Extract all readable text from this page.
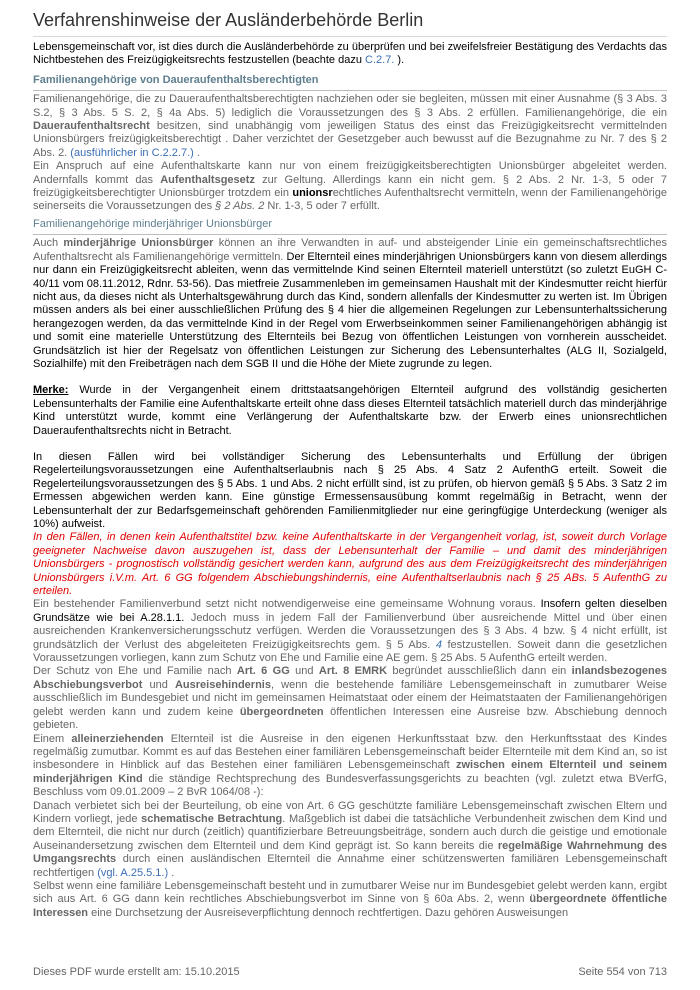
Verfahrenshinweise der Ausländerbehörde Berlin

Lebensgemeinschaft vor, ist dies durch die Ausländerbehörde zu überprüfen und bei zweifelsfreier Bestätigung des Verdachts das Nichtbestehen des Freizügigkeitsrechts festzustellen (beachte dazu C.2.7. ).

Familienangehörige von Daueraufenthaltsberechtigten

Familienangehörige, die zu Daueraufenthaltsberechtigten nachziehen oder sie begleiten, müssen mit einer Ausnahme (§ 3 Abs. 3 S.2, § 3 Abs. 5 S. 2, § 4a Abs. 5) lediglich die Voraussetzungen des § 3 Abs. 2 erfüllen. Familienangehörige, die ein Daueraufenthaltsrecht besitzen, sind unabhängig vom jeweiligen Status des einst das Freizügigkeitsrecht vermittelnden Unionsbürgers freizügigkeitsberechtigt . Daher verzichtet der Gesetzgeber auch bewusst auf die Bezugnahme zu Nr. 7 des § 2 Abs. 2. (ausführlicher in C.2.2.7.) .

Ein Anspruch auf eine Aufenthaltskarte kann nur von einem freizügigkeitsberechtigten Unionsbürger abgeleitet werden. Andernfalls kommt das Aufenthaltsgesetz zur Geltung. Allerdings kann ein nicht gem. § 2 Abs. 2 Nr. 1-3, 5 oder 7 freizügigkeitsberechtigter Unionsbürger trotzdem ein unionsrechtliches Aufenthaltsrecht vermitteln, wenn der Familienangehörige seinerseits die Voraussetzungen des § 2 Abs. 2 Nr. 1-3, 5 oder 7 erfüllt.

Familienangehörige minderjähriger Unionsbürger

Auch minderjährige Unionsbürger können an ihre Verwandten in auf- und absteigender Linie ein gemeinschaftsrechtliches Aufenthaltsrecht als Familienangehörige vermitteln. Der Elternteil eines minderjährigen Unionsbürgers kann von diesem allerdings nur dann ein Freizügigkeitsrecht ableiten, wenn das vermittelnde Kind seinen Elternteil materiell unterstützt (so zuletzt EuGH C-40/11 vom 08.11.2012, Rdnr. 53-56). Das mietfreie Zusammenleben im gemeinsamen Haushalt mit der Kindesmutter reicht hierfür nicht aus, da dieses nicht als Unterhaltsgewährung durch das Kind, sondern allenfalls der Kindesmutter zu werten ist. Im Übrigen müssen anders als bei einer ausschließlichen Prüfung des § 4 hier die allgemeinen Regelungen zur Lebensunterhaltssicherung herangezogen werden, da das vermittelnde Kind in der Regel vom Erwerbseinkommen seiner Familienangehörigen abhängig ist und somit eine materielle Unterstützung des Elternteils bei Bezug von öffentlichen Leistungen von vornherein ausscheidet. Grundsätzlich ist hier der Regelsatz von öffentlichen Leistungen zur Sicherung des Lebensunterhaltes (ALG II, Sozialgeld, Sozialhilfe) mit den Freibeträgen nach dem SGB II und die Höhe der Miete zugrunde zu legen.

Merke: Wurde in der Vergangenheit einem drittstaatsangehörigen Elternteil aufgrund des vollständig gesicherten Lebensunterhalts der Familie eine Aufenthaltskarte erteilt ohne dass dieses Elternteil tatsächlich materiell durch das minderjährige Kind unterstützt wurde, kommt eine Verlängerung der Aufenthaltskarte bzw. der Erwerb eines unionsrechtlichen Daueraufenthaltsrechts nicht in Betracht.

In diesen Fällen wird bei vollständiger Sicherung des Lebensunterhalts und Erfüllung der übrigen Regelerteilungsvoraussetzungen eine Aufenthaltserlaubnis nach § 25 Abs. 4 Satz 2 AufenthG erteilt. Soweit die Regelerteilungsvoraussetzungen des § 5 Abs. 1 und Abs. 2 nicht erfüllt sind, ist zu prüfen, ob hiervon gemäß § 5 Abs. 3 Satz 2 im Ermessen abgewichen werden kann. Eine günstige Ermessensausübung kommt regelmäßig in Betracht, wenn der Lebensunterhalt der zur Bedarfsgemeinschaft gehörenden Familienmitglieder nur eine geringfügige Unterdeckung (weniger als 10%) aufweist.

In den Fällen, in denen kein Aufenthaltstitel bzw. keine Aufenthaltskarte in der Vergangenheit vorlag, ist, soweit durch Vorlage geeigneter Nachweise davon auszugehen ist, dass der Lebensunterhalt der Familie – und damit des minderjährigen Unionsbürgers - prognostisch vollständig gesichert werden kann, aufgrund des aus dem Freizügigkeitsrecht des minderjährigen Unionsbürgers i.V.m. Art. 6 GG folgendem Abschiebungshindernis, eine Aufenthaltserlaubnis nach § 25 ABs. 5 AufenthG zu erteilen.

Ein bestehender Familienverbund setzt nicht notwendigerweise eine gemeinsame Wohnung voraus. Insofern gelten dieselben Grundsätze wie bei A.28.1.1. Jedoch muss in jedem Fall der Familienverbund über ausreichende Mittel und über einen ausreichenden Krankenversicherungsschutz verfügen. Werden die Voraussetzungen des § 3 Abs. 4 bzw. § 4 nicht erfüllt, ist grundsätzlich der Verlust des abgeleiteten Freizügigkeitsrechts gem. § 5 Abs. 4 festzustellen. Soweit dann die gesetzlichen Voraussetzungen vorliegen, kann zum Schutz von Ehe und Familie eine AE gem. § 25 Abs. 5 AufenthG erteilt werden.

Der Schutz von Ehe und Familie nach Art. 6 GG und Art. 8 EMRK begründet ausschließlich dann ein inlandsbezogenes Abschiebungsverbot und Ausreisehindernis, wenn die bestehende familiäre Lebensgemeinschaft in zumutbarer Weise ausschließlich im Bundesgebiet und nicht im gemeinsamen Heimatstaat oder einem der Heimatstaaten der Familienangehörigen gelebt werden kann und zudem keine übergeordneten öffentlichen Interessen eine Ausreise bzw. Abschiebung dennoch gebieten.

Einem alleinerziehenden Elternteil ist die Ausreise in den eigenen Herkunftsstaat bzw. den Herkunftsstaat des Kindes regelmäßig zumutbar. Kommt es auf das Bestehen einer familiären Lebensgemeinschaft beider Elternteile mit dem Kind an, so ist insbesondere in Hinblick auf das Bestehen einer familiären Lebensgemeinschaft zwischen einem Elternteil und seinem minderjährigen Kind die ständige Rechtsprechung des Bundesverfassungsgerichts zu beachten (vgl. zuletzt etwa BVerfG, Beschluss vom 09.01.2009 – 2 BvR 1064/08 -):

Danach verbietet sich bei der Beurteilung, ob eine von Art. 6 GG geschützte familiäre Lebensgemeinschaft zwischen Eltern und Kindern vorliegt, jede schematische Betrachtung. Maßgeblich ist dabei die tatsächliche Verbundenheit zwischen dem Kind und dem Elternteil, die nicht nur durch (zeitlich) quantifizierbare Betreuungsbeiträge, sondern auch durch die geistige und emotionale Auseinandersetzung zwischen dem Elternteil und dem Kind geprägt ist. So kann bereits die regelmäßige Wahrnehmung des Umgangsrechts durch einen ausländischen Elternteil die Annahme einer schützenswerten familiären Lebensgemeinschaft rechtfertigen (vgl. A.25.5.1.) .

Selbst wenn eine familiäre Lebensgemeinschaft besteht und in zumutbarer Weise nur im Bundesgebiet gelebt werden kann, ergibt sich aus Art. 6 GG dann kein rechtliches Abschiebungsverbot im Sinne von § 60a Abs. 2, wenn übergeordnete öffentliche Interessen eine Durchsetzung der Ausreiseverpflichtung dennoch rechtfertigen. Dazu gehören Ausweisungen

Dieses PDF wurde erstellt am: 15.10.2015	Seite 554 von 713
